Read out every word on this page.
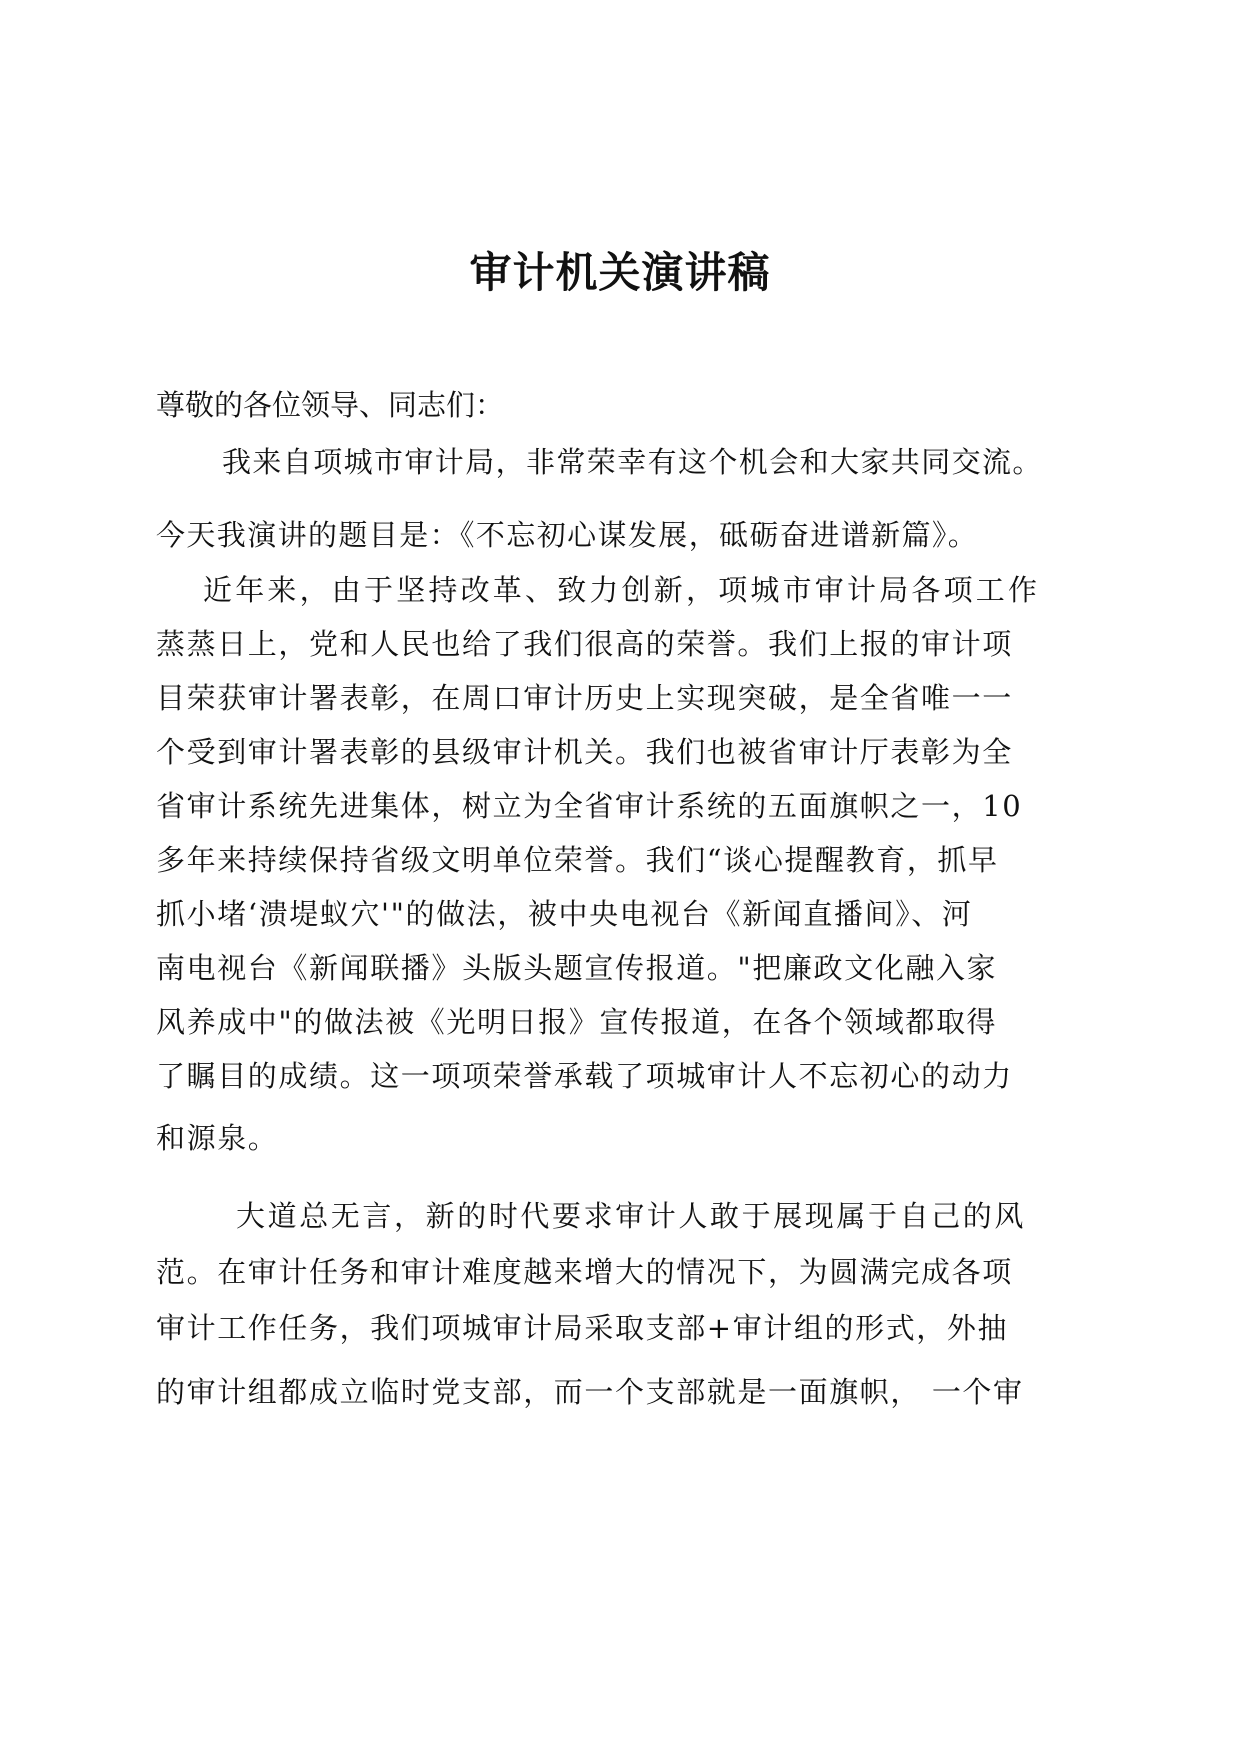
审计机关演讲稿
尊敬的各位领导、同志们：
我来自项城市审计局，非常荣幸有这个机会和大家共同交流。
今天我演讲的题目是：《不忘初心谋发展，砥砺奋进谱新篇》。
近年来，由于坚持改革、致力创新，项城市审计局各项工作
蒸蒸日上，党和人民也给了我们很高的荣誉。我们上报的审计项
目荣获审计署表彰，在周口审计历史上实现突破，是全省唯一一
个受到审计署表彰的县级审计机关。我们也被省审计厅表彰为全
省审计系统先进集体，树立为全省审计系统的五面旗帜之一，10
多年来持续保持省级文明单位荣誉。我们“谈心提醒教育，抓早
抓小堵‘溃堤蚁穴'"的做法，被中央电视台《新闻直播间》、河
南电视台《新闻联播》头版头题宣传报道。"把廉政文化融入家
风养成中"的做法被《光明日报》宣传报道，在各个领域都取得
了瞩目的成绩。这一项项荣誉承载了项城审计人不忘初心的动力
和源泉。
大道总无言，新的时代要求审计人敢于展现属于自己的风
范。在审计任务和审计难度越来增大的情况下，为圆满完成各项
审计工作任务，我们项城审计局采取支部+审计组的形式，外抽
的审计组都成立临时党支部，而一个支部就是一面旗帜， 一个审
